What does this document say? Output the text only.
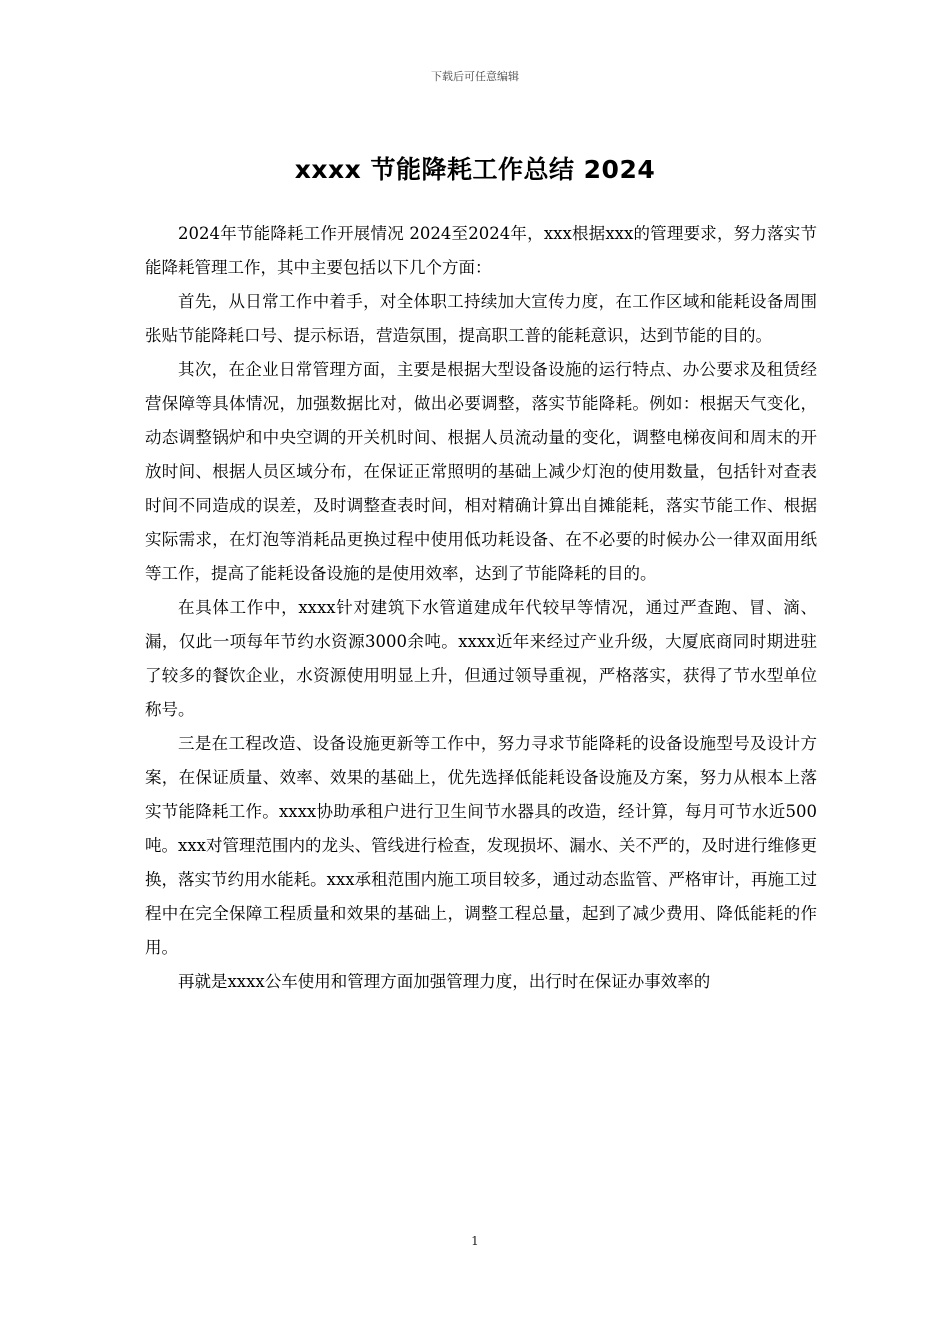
下载后可任意编辑
xxxx 节能降耗工作总结 2024

2024年节能降耗工作开展情况 2024至2024年，xxx根据xxx的管理要求，努力落实节能降耗管理工作，其中主要包括以下几个方面：

首先，从日常工作中着手，对全体职工持续加大宣传力度，在工作区域和能耗设备周围张贴节能降耗口号、提示标语，营造氛围，提高职工普的能耗意识，达到节能的目的。

其次，在企业日常管理方面，主要是根据大型设备设施的运行特点、办公要求及租赁经营保障等具体情况，加强数据比对，做出必要调整，落实节能降耗。例如：根据天气变化，动态调整锅炉和中央空调的开关机时间、根据人员流动量的变化，调整电梯夜间和周末的开放时间、根据人员区域分布，在保证正常照明的基础上减少灯泡的使用数量，包括针对查表时间不同造成的误差，及时调整查表时间，相对精确计算出自摊能耗，落实节能工作、根据实际需求，在灯泡等消耗品更换过程中使用低功耗设备、在不必要的时候办公一律双面用纸等工作，提高了能耗设备设施的是使用效率，达到了节能降耗的目的。

在具体工作中，xxxx针对建筑下水管道建成年代较早等情况，通过严查跑、冒、滴、漏，仅此一项每年节约水资源3000余吨。xxxx近年来经过产业升级，大厦底商同时期进驻了较多的餐饮企业，水资源使用明显上升，但通过领导重视，严格落实，获得了节水型单位称号。

三是在工程改造、设备设施更新等工作中，努力寻求节能降耗的设备设施型号及设计方案，在保证质量、效率、效果的基础上，优先选择低能耗设备设施及方案，努力从根本上落实节能降耗工作。xxxx协助承租户进行卫生间节水器具的改造，经计算，每月可节水近500吨。xxx对管理范围内的龙头、管线进行检查，发现损坏、漏水、关不严的，及时进行维修更换，落实节约用水能耗。xxx承租范围内施工项目较多，通过动态监管、严格审计，再施工过程中在完全保障工程质量和效果的基础上，调整工程总量，起到了减少费用、降低能耗的作用。

再就是xxxx公车使用和管理方面加强管理力度，出行时在保证办事效率的

1
